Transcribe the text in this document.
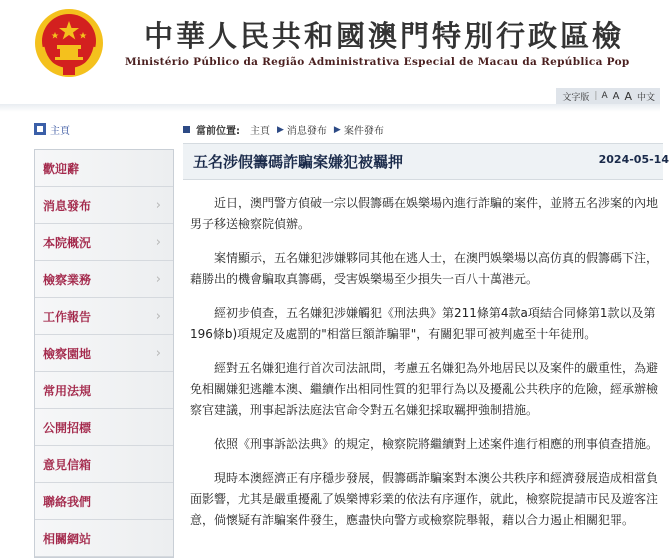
中華人民共和國澳門特別行政區檢
Ministério Público da Região Administrativa Especial de Macau da República Pop
文字版 | A A A 中文
主頁
歡迎辭
消息發布	›
本院概況	›
檢察業務	›
工作報告	›
檢察園地	›
常用法規
公開招標
意見信箱
聯絡我們
相關網站
當前位置: 主頁 ▶ 消息發布 ▶ 案件發布
五名涉假籌碼詐騙案嫌犯被羈押	2024-05-14

近日，澳門警方偵破一宗以假籌碼在娛樂場內進行詐騙的案件，並將五名涉案的內地男子移送檢察院偵辦。

案情顯示，五名嫌犯涉嫌夥同其他在逃人士，在澳門娛樂場以高仿真的假籌碼下注，藉勝出的機會騙取真籌碼，受害娛樂場至少損失一百八十萬港元。

經初步偵查，五名嫌犯涉嫌觸犯《刑法典》第211條第4款a項結合同條第1款以及第196條b)項規定及處罰的"相當巨額詐騙罪"，有關犯罪可被判處至十年徒刑。

經對五名嫌犯進行首次司法訊問，考慮五名嫌犯為外地居民以及案件的嚴重性，為避免相關嫌犯逃離本澳、繼續作出相同性質的犯罪行為以及擾亂公共秩序的危險，經承辦檢察官建議，刑事起訴法庭法官命令對五名嫌犯採取羈押強制措施。

依照《刑事訴訟法典》的規定，檢察院將繼續對上述案件進行相應的刑事偵查措施。

現時本澳經濟正有序穩步發展，假籌碼詐騙案對本澳公共秩序和經濟發展造成相當負面影響，尤其是嚴重擾亂了娛樂博彩業的依法有序運作，就此，檢察院提請市民及遊客注意，倘懷疑有詐騙案件發生，應盡快向警方或檢察院舉報，藉以合力遏止相關犯罪。
